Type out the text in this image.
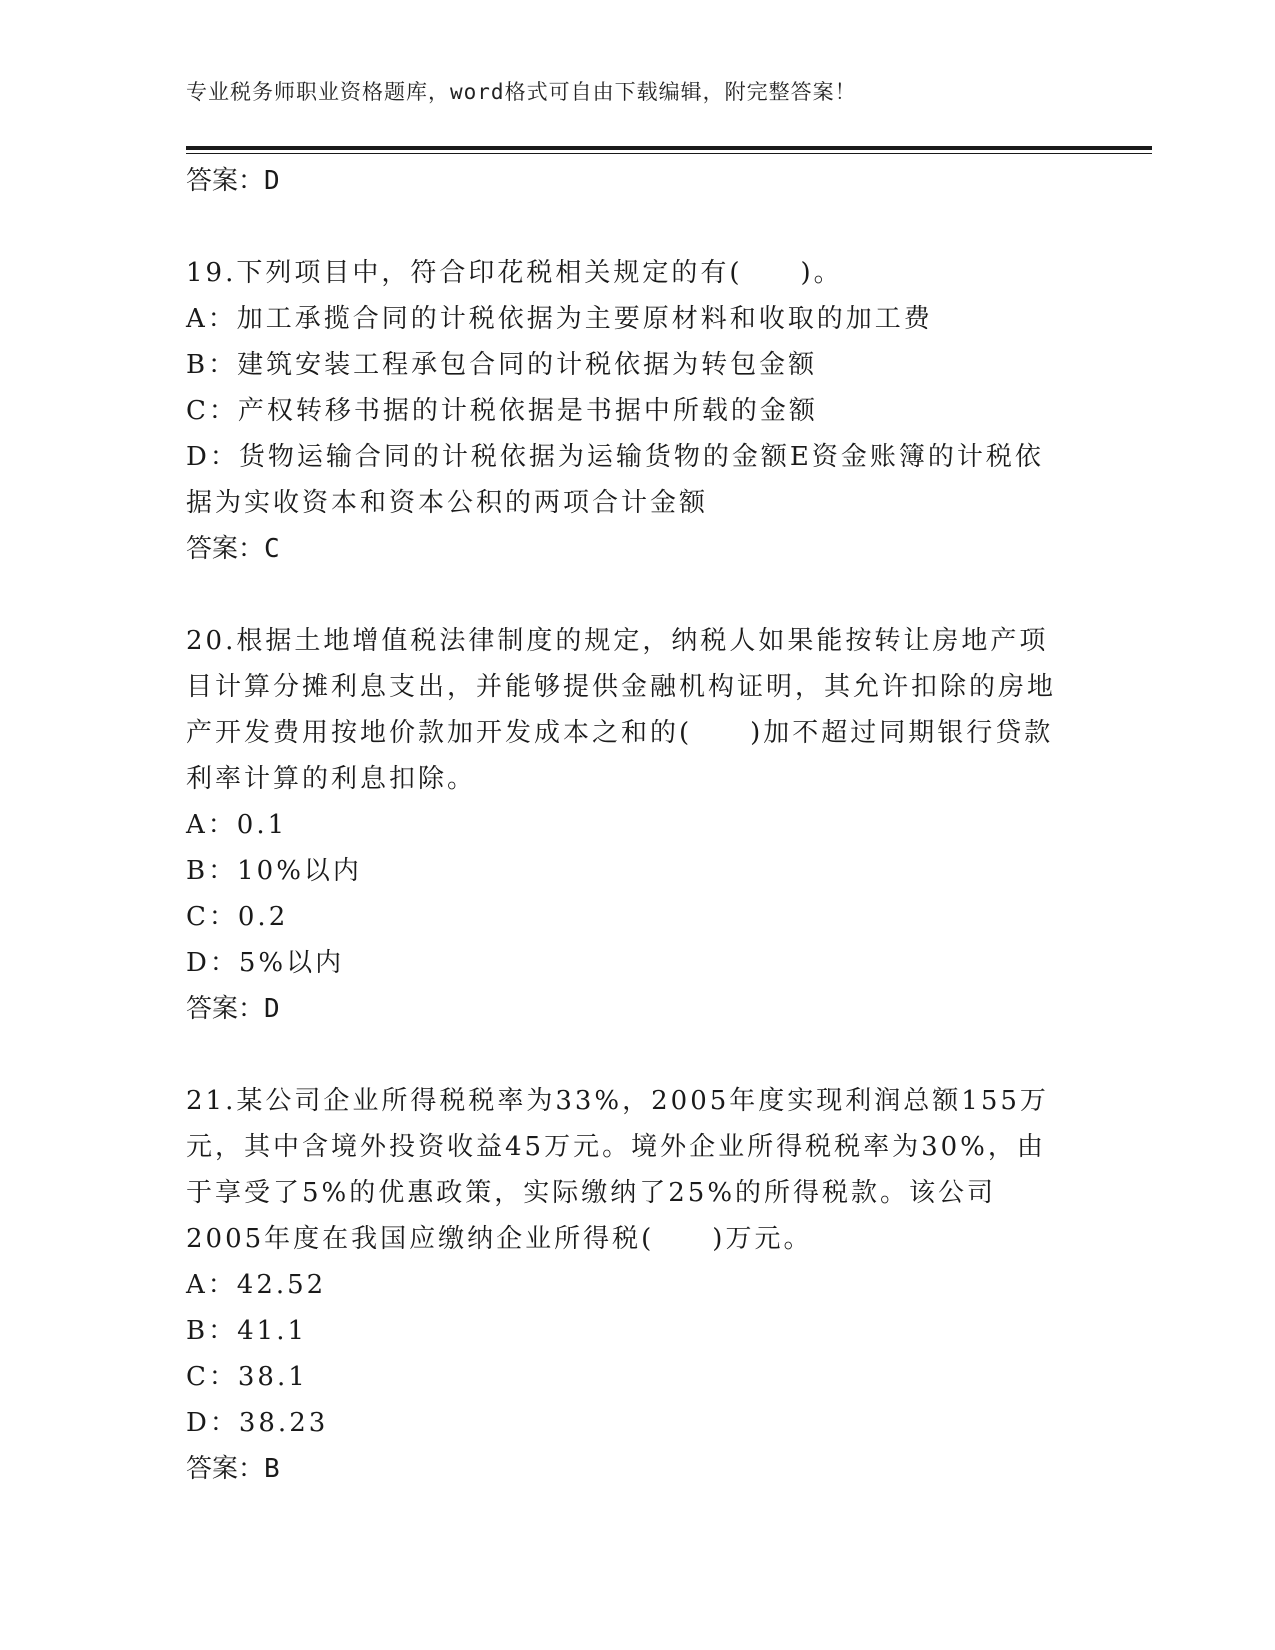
专业税务师职业资格题库，word格式可自由下载编辑，附完整答案！
答案：D
19.下列项目中，符合印花税相关规定的有(　　)。
A：加工承揽合同的计税依据为主要原材料和收取的加工费
B：建筑安装工程承包合同的计税依据为转包金额
C：产权转移书据的计税依据是书据中所载的金额
D：货物运输合同的计税依据为运输货物的金额E资金账簿的计税依据为实收资本和资本公积的两项合计金额
答案：C
20.根据土地增值税法律制度的规定，纳税人如果能按转让房地产项目计算分摊利息支出，并能够提供金融机构证明，其允许扣除的房地产开发费用按地价款加开发成本之和的(　　)加不超过同期银行贷款利率计算的利息扣除。
A：0.1
B：10%以内
C：0.2
D：5%以内
答案：D
21.某公司企业所得税税率为33%，2005年度实现利润总额155万元，其中含境外投资收益45万元。境外企业所得税税率为30%，由于享受了5%的优惠政策，实际缴纳了25%的所得税款。该公司2005年度在我国应缴纳企业所得税(　　)万元。
A：42.52
B：41.1
C：38.1
D：38.23
答案：B
